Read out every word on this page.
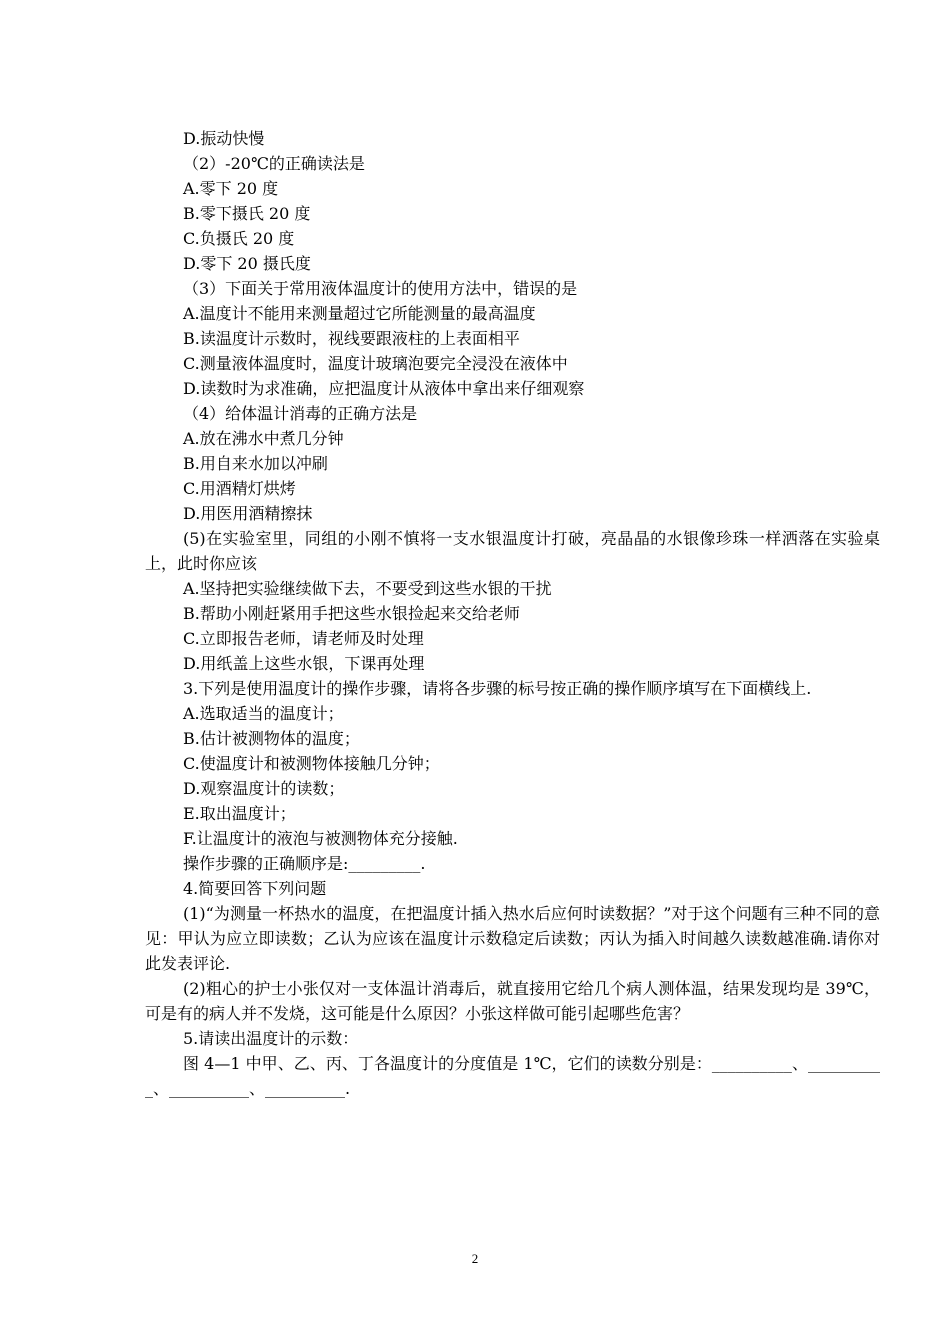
D.振动快慢
（2）-20℃的正确读法是
A.零下 20 度
B.零下摄氏 20 度
C.负摄氏 20 度
D.零下 20 摄氏度
（3）下面关于常用液体温度计的使用方法中，错误的是
A.温度计不能用来测量超过它所能测量的最高温度
B.读温度计示数时，视线要跟液柱的上表面相平
C.测量液体温度时，温度计玻璃泡要完全浸没在液体中
D.读数时为求准确，应把温度计从液体中拿出来仔细观察
（4）给体温计消毒的正确方法是
A.放在沸水中煮几分钟
B.用自来水加以冲刷
C.用酒精灯烘烤
D.用医用酒精擦抹
(5)在实验室里，同组的小刚不慎将一支水银温度计打破，亮晶晶的水银像珍珠一样洒落在实验桌上，此时你应该
A.坚持把实验继续做下去，不要受到这些水银的干扰
B.帮助小刚赶紧用手把这些水银捡起来交给老师
C.立即报告老师，请老师及时处理
D.用纸盖上这些水银，下课再处理
3.下列是使用温度计的操作步骤，请将各步骤的标号按正确的操作顺序填写在下面横线上.
A.选取适当的温度计；
B.估计被测物体的温度；
C.使温度计和被测物体接触几分钟；
D.观察温度计的读数；
E.取出温度计；
F.让温度计的液泡与被测物体充分接触.
操作步骤的正确顺序是:_________.
4.简要回答下列问题
(1)“为测量一杯热水的温度，在把温度计插入热水后应何时读数据？”对于这个问题有三种不同的意见：甲认为应立即读数；乙认为应该在温度计示数稳定后读数；丙认为插入时间越久读数越准确.请你对此发表评论.
(2)粗心的护士小张仅对一支体温计消毒后，就直接用它给几个病人测体温，结果发现均是 39℃，可是有的病人并不发烧，这可能是什么原因？小张这样做可能引起哪些危害？
5.请读出温度计的示数：
图 4—1 中甲、乙、丙、丁各温度计的分度值是 1℃，它们的读数分别是：__________、__________、__________、__________.
2
